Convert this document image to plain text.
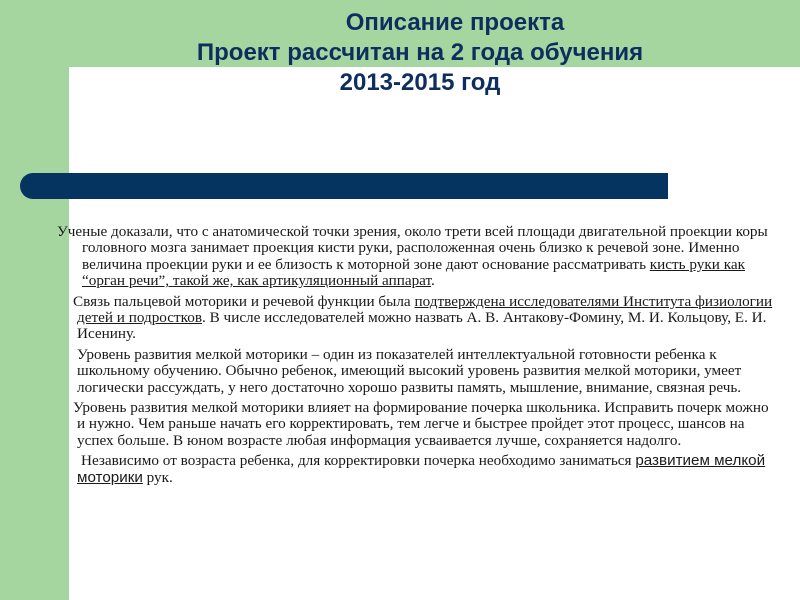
Описание проекта
Проект рассчитан на 2 года обучения
2013-2015 год

Ученые доказали, что с анатомической точки зрения, около трети всей площади двигательной проекции коры головного мозга занимает проекция кисти руки, расположенная очень близко к речевой зоне. Именно величина проекции руки и ее близость к моторной зоне дают основание рассматривать кисть руки как “орган речи”, такой же, как артикуляционный аппарат.

Связь пальцевой моторики и речевой функции была подтверждена исследователями Института физиологии детей и подростков. В числе исследователей можно назвать А. В. Антакову-Фомину, М. И. Кольцову, Е. И. Исенину.

Уровень развития мелкой моторики – один из показателей интеллектуальной готовности ребенка к школьному обучению. Обычно ребенок, имеющий высокий уровень развития мелкой моторики, умеет логически рассуждать, у него достаточно хорошо развиты память, мышление, внимание, связная речь.

Уровень развития мелкой моторики влияет на формирование почерка школьника. Исправить почерк можно и нужно. Чем раньше начать его корректировать, тем легче и быстрее пройдет этот процесс, шансов на успех больше. В юном возрасте любая информация усваивается лучше, сохраняется надолго.

Независимо от возраста ребенка, для корректировки почерка необходимо заниматься развитием мелкой моторики рук.
